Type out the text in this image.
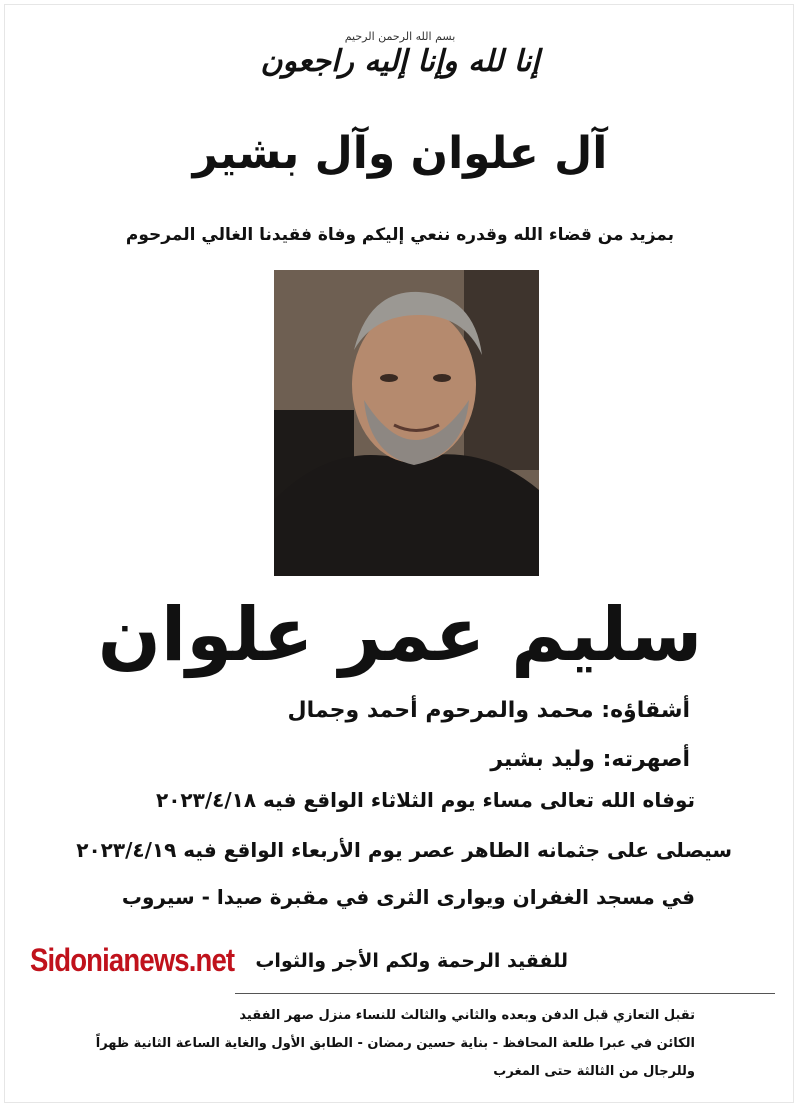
بسم الله الرحمن الرحيم
إنا لله وإنا إليه راجعون
آل علوان وآل بشير
بمزيد من قضاء الله وقدره ننعي إليكم وفاة فقيدنا الغالي المرحوم
سليم عمر علوان
أشقاؤه: محمد والمرحوم أحمد وجمال
أصهرته: وليد بشير
توفاه الله تعالى مساء يوم الثلاثاء الواقع فيه ٢٠٢٣/٤/١٨
سيصلى على جثمانه الطاهر عصر يوم الأربعاء الواقع فيه ٢٠٢٣/٤/١٩
في مسجد الغفران ويوارى الثرى في مقبرة صيدا - سيروب
للفقيد الرحمة ولكم الأجر والثواب
Sidonianews.net
تقبل التعازي قبل الدفن وبعده والثاني والثالث للنساء منزل صهر الفقيد
الكائن في عبرا طلعة المحافظ - بناية حسين رمضان - الطابق الأول والغاية الساعة الثانية ظهراً
وللرجال من الثالثة حتى المغرب
